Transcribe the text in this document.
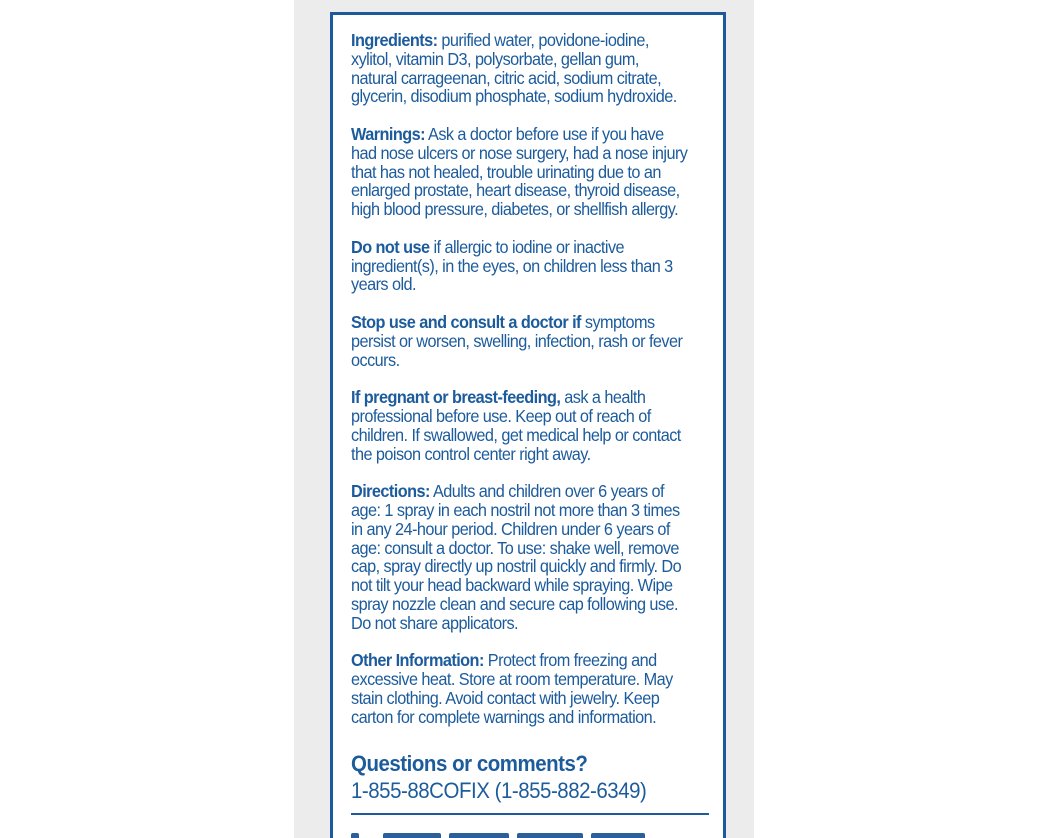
Ingredients: purified water, povidone-iodine, xylitol, vitamin D3, polysorbate, gellan gum, natural carrageenan, citric acid, sodium citrate, glycerin, disodium phosphate, sodium hydroxide.
Warnings: Ask a doctor before use if you have had nose ulcers or nose surgery, had a nose injury that has not healed, trouble urinating due to an enlarged prostate, heart disease, thyroid disease, high blood pressure, diabetes, or shellfish allergy.
Do not use if allergic to iodine or inactive ingredient(s), in the eyes, on children less than 3 years old.
Stop use and consult a doctor if symptoms persist or worsen, swelling, infection, rash or fever occurs.
If pregnant or breast-feeding, ask a health professional before use. Keep out of reach of children. If swallowed, get medical help or contact the poison control center right away.
Directions: Adults and children over 6 years of age: 1 spray in each nostril not more than 3 times in any 24-hour period. Children under 6 years of age: consult a doctor. To use: shake well, remove cap, spray directly up nostril quickly and firmly. Do not tilt your head backward while spraying. Wipe spray nozzle clean and secure cap following use. Do not share applicators.
Other Information: Protect from freezing and excessive heat. Store at room temperature. May stain clothing. Avoid contact with jewelry. Keep carton for complete warnings and information.
Questions or comments?
1-855-88COFIX (1-855-882-6349)
